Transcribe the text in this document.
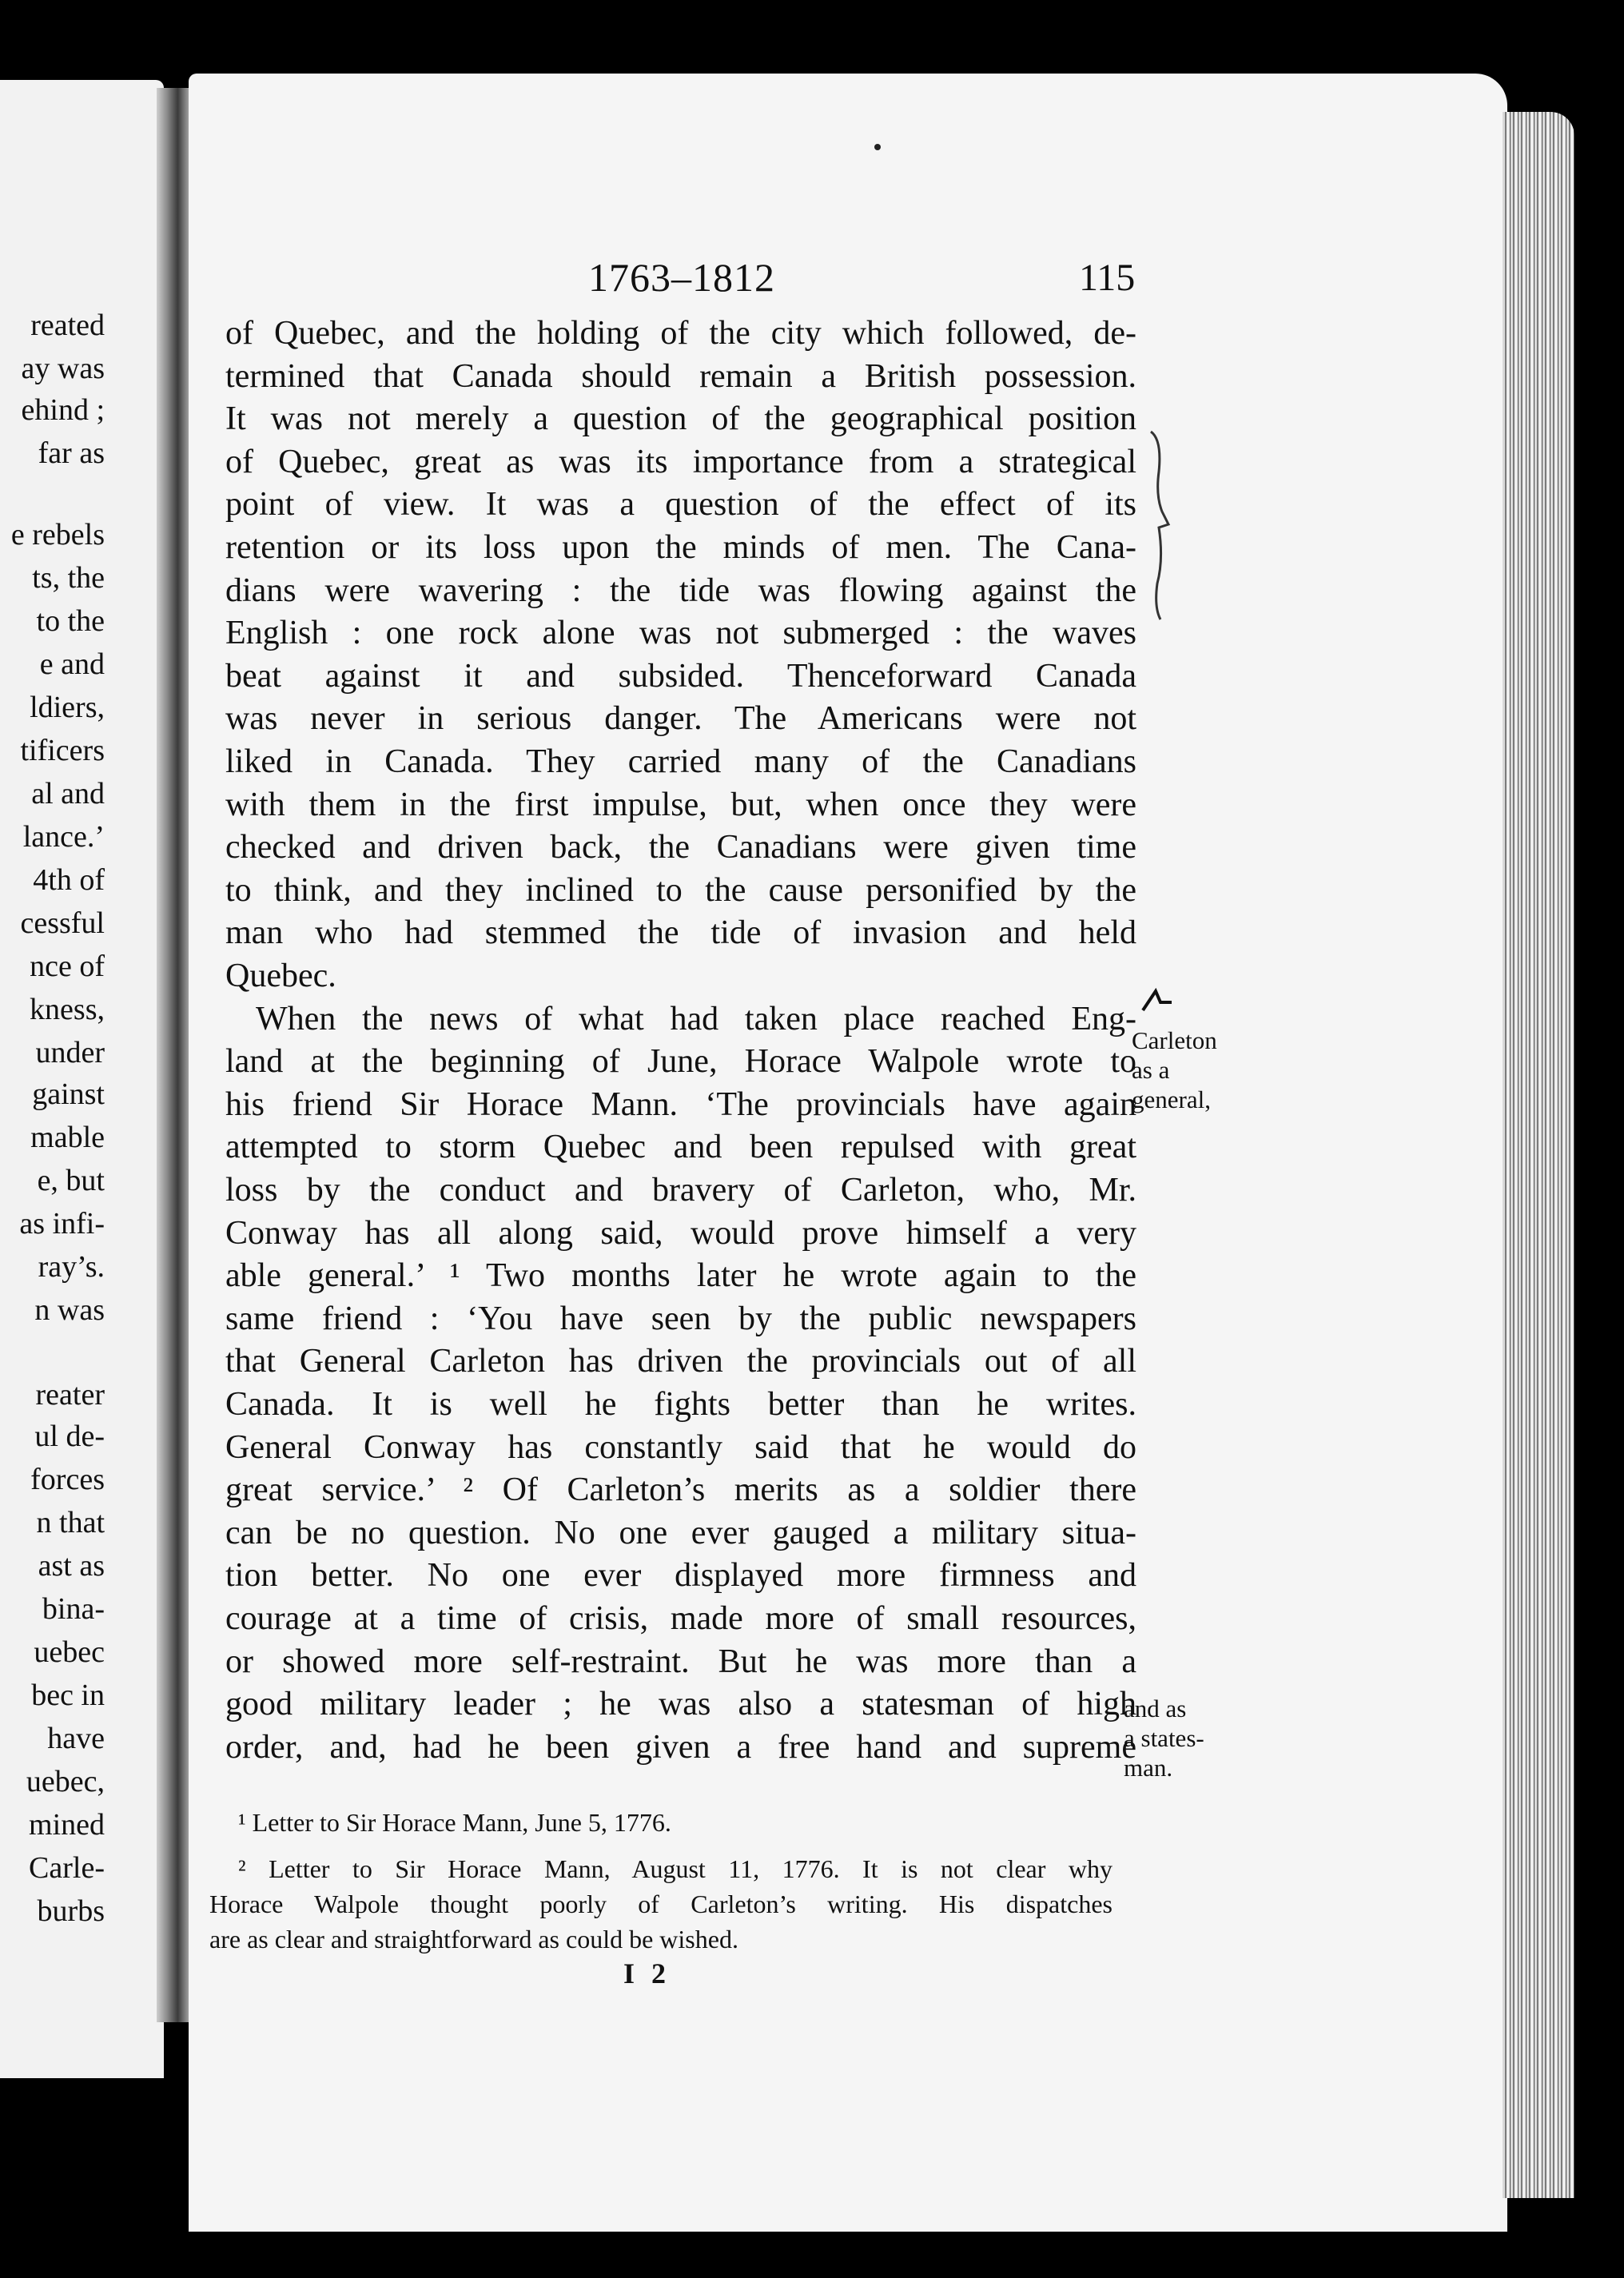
reated
ay was
ehind ;
far as
e rebels
ts, the
to the
e and
ldiers,
tificers
al and
lance.’
4th of
cessful
nce of
kness,
under
gainst
mable
e, but
as infi-
ray’s.
n was
reater
ul de-
forces
n that
ast as
bina-
uebec
bec in
have
uebec,
mined
Carle-
burbs
1763–1812	115
of Quebec, and the holding of the city which followed, de-
termined that Canada should remain a British possession.
It was not merely a question of the geographical position
of Quebec, great as was its importance from a strategical
point of view. It was a question of the effect of its
retention or its loss upon the minds of men. The Cana-
dians were wavering : the tide was flowing against the
English : one rock alone was not submerged : the waves
beat against it and subsided. Thenceforward Canada
was never in serious danger. The Americans were not
liked in Canada. They carried many of the Canadians
with them in the first impulse, but, when once they were
checked and driven back, the Canadians were given time
to think, and they inclined to the cause personified by the
man who had stemmed the tide of invasion and held
Quebec.
When the news of what had taken place reached Eng-
land at the beginning of June, Horace Walpole wrote to
his friend Sir Horace Mann. ‘The provincials have again
attempted to storm Quebec and been repulsed with great
loss by the conduct and bravery of Carleton, who, Mr.
Conway has all along said, would prove himself a very
able general.’ ¹ Two months later he wrote again to the
same friend : ‘You have seen by the public newspapers
that General Carleton has driven the provincials out of all
Canada. It is well he fights better than he writes.
General Conway has constantly said that he would do
great service.’ ² Of Carleton’s merits as a soldier there
can be no question. No one ever gauged a military situa-
tion better. No one ever displayed more firmness and
courage at a time of crisis, made more of small resources,
or showed more self-restraint. But he was more than a
good military leader ; he was also a statesman of high
order, and, had he been given a free hand and supreme
Carleton
as a
general,
and as
a states-
man.
¹ Letter to Sir Horace Mann, June 5, 1776.
² Letter to Sir Horace Mann, August 11, 1776. It is not clear why
Horace Walpole thought poorly of Carleton’s writing. His dispatches
are as clear and straightforward as could be wished.
I 2
